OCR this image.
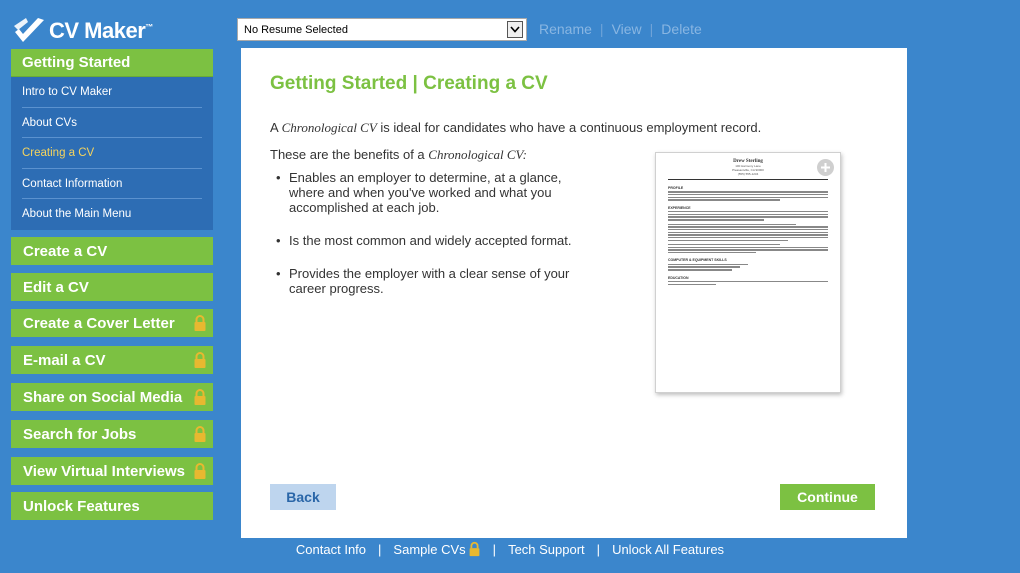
CV Maker™
Getting Started
Intro to CV Maker
About CVs
Creating a CV
Contact Information
About the Main Menu
Create a CV
Edit a CV
Create a Cover Letter
E-mail a CV
Share on Social Media
Search for Jobs
View Virtual Interviews
Unlock Features
No Resume Selected	Rename | View | Delete
Getting Started | Creating a CV
A Chronological CV is ideal for candidates who have a continuous employment record.
These are the benefits of a Chronological CV:
• Enables an employer to determine, at a glance, where and when you've worked and what you accomplished at each job.
• Is the most common and widely accepted format.
• Provides the employer with a clear sense of your career progress.
Drew Sterling
100 Harmony Lane
Pleasantville, CA 90000
(555) 555-1234
PROFILE
EXPERIENCE
COMPUTER & EQUIPMENT SKILLS
EDUCATION
Back	Continue
Contact Info | Sample CVs | Tech Support | Unlock All Features
